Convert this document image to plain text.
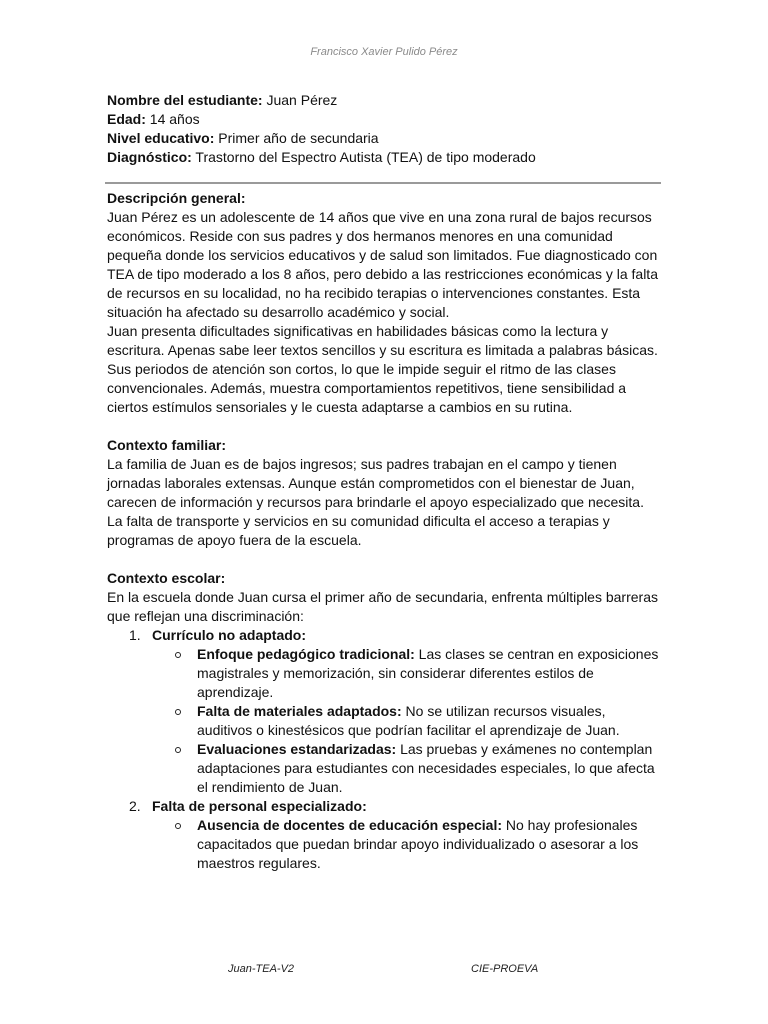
Francisco Xavier Pulido Pérez

Nombre del estudiante: Juan Pérez

Edad: 14 años

Nivel educativo: Primer año de secundaria

Diagnóstico: Trastorno del Espectro Autista (TEA) de tipo moderado

Descripción general:

Juan Pérez es un adolescente de 14 años que vive en una zona rural de bajos recursos económicos. Reside con sus padres y dos hermanos menores en una comunidad pequeña donde los servicios educativos y de salud son limitados. Fue diagnosticado con TEA de tipo moderado a los 8 años, pero debido a las restricciones económicas y la falta de recursos en su localidad, no ha recibido terapias o intervenciones constantes. Esta situación ha afectado su desarrollo académico y social.

Juan presenta dificultades significativas en habilidades básicas como la lectura y escritura. Apenas sabe leer textos sencillos y su escritura es limitada a palabras básicas. Sus periodos de atención son cortos, lo que le impide seguir el ritmo de las clases convencionales. Además, muestra comportamientos repetitivos, tiene sensibilidad a ciertos estímulos sensoriales y le cuesta adaptarse a cambios en su rutina.

Contexto familiar:

La familia de Juan es de bajos ingresos; sus padres trabajan en el campo y tienen jornadas laborales extensas. Aunque están comprometidos con el bienestar de Juan, carecen de información y recursos para brindarle el apoyo especializado que necesita. La falta de transporte y servicios en su comunidad dificulta el acceso a terapias y programas de apoyo fuera de la escuela.

Contexto escolar:

En la escuela donde Juan cursa el primer año de secundaria, enfrenta múltiples barreras que reflejan una discriminación:

1. Currículo no adaptado:
Enfoque pedagógico tradicional: Las clases se centran en exposiciones magistrales y memorización, sin considerar diferentes estilos de aprendizaje.
Falta de materiales adaptados: No se utilizan recursos visuales, auditivos o kinestésicos que podrían facilitar el aprendizaje de Juan.
Evaluaciones estandarizadas: Las pruebas y exámenes no contemplan adaptaciones para estudiantes con necesidades especiales, lo que afecta el rendimiento de Juan.
2. Falta de personal especializado:
Ausencia de docentes de educación especial: No hay profesionales capacitados que puedan brindar apoyo individualizado o asesorar a los maestros regulares.
Juan-TEA-V2	CIE-PROEVA
